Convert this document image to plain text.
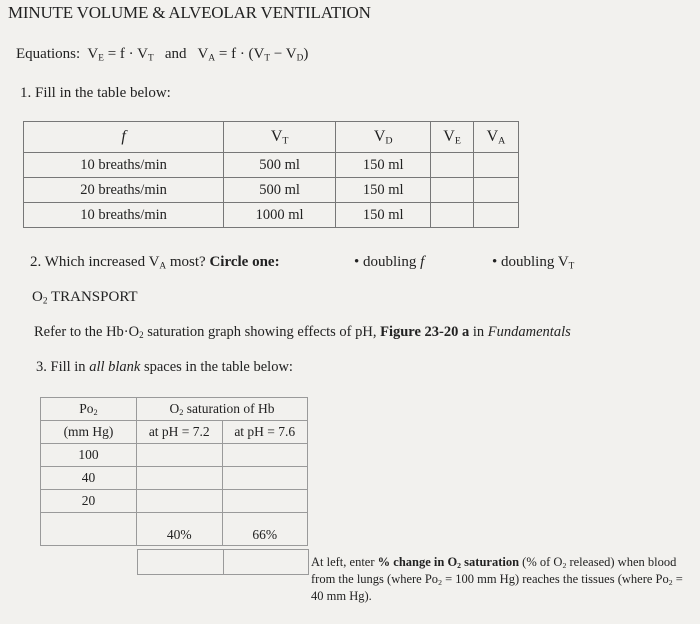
MINUTE VOLUME & ALVEOLAR VENTILATION
Equations: $V_E = f \cdot V_T$ and $V_A = f \cdot (V_T - V_D)$
1. Fill in the table below:
f	$V_T$	$V_D$	$V_E$	$V_A$
10 breaths/min	500 ml	150 ml		
20 breaths/min	500 ml	150 ml		
10 breaths/min	1000 ml	150 ml		
2. Which increased $V_A$ most? Circle one:	• doubling f	• doubling $V_T$
$O_2$ TRANSPORT
Refer to the $Hb\cdot O_2$ saturation graph showing effects of pH, Figure 23-20 a in Fundamentals
3. Fill in all blank spaces in the table below:
$Po_2$	$O_2$ saturation of Hb	
(mm Hg)	at pH = 7.2	at pH = 7.6
100		
40		
20		
	40%	66%

At left, enter % change in $O_2$ saturation (% of $O_2$ released) when blood from the lungs (where $Po_2 = 100$ mm Hg) reaches the tissues (where $Po_2 = 40$ mm Hg).
